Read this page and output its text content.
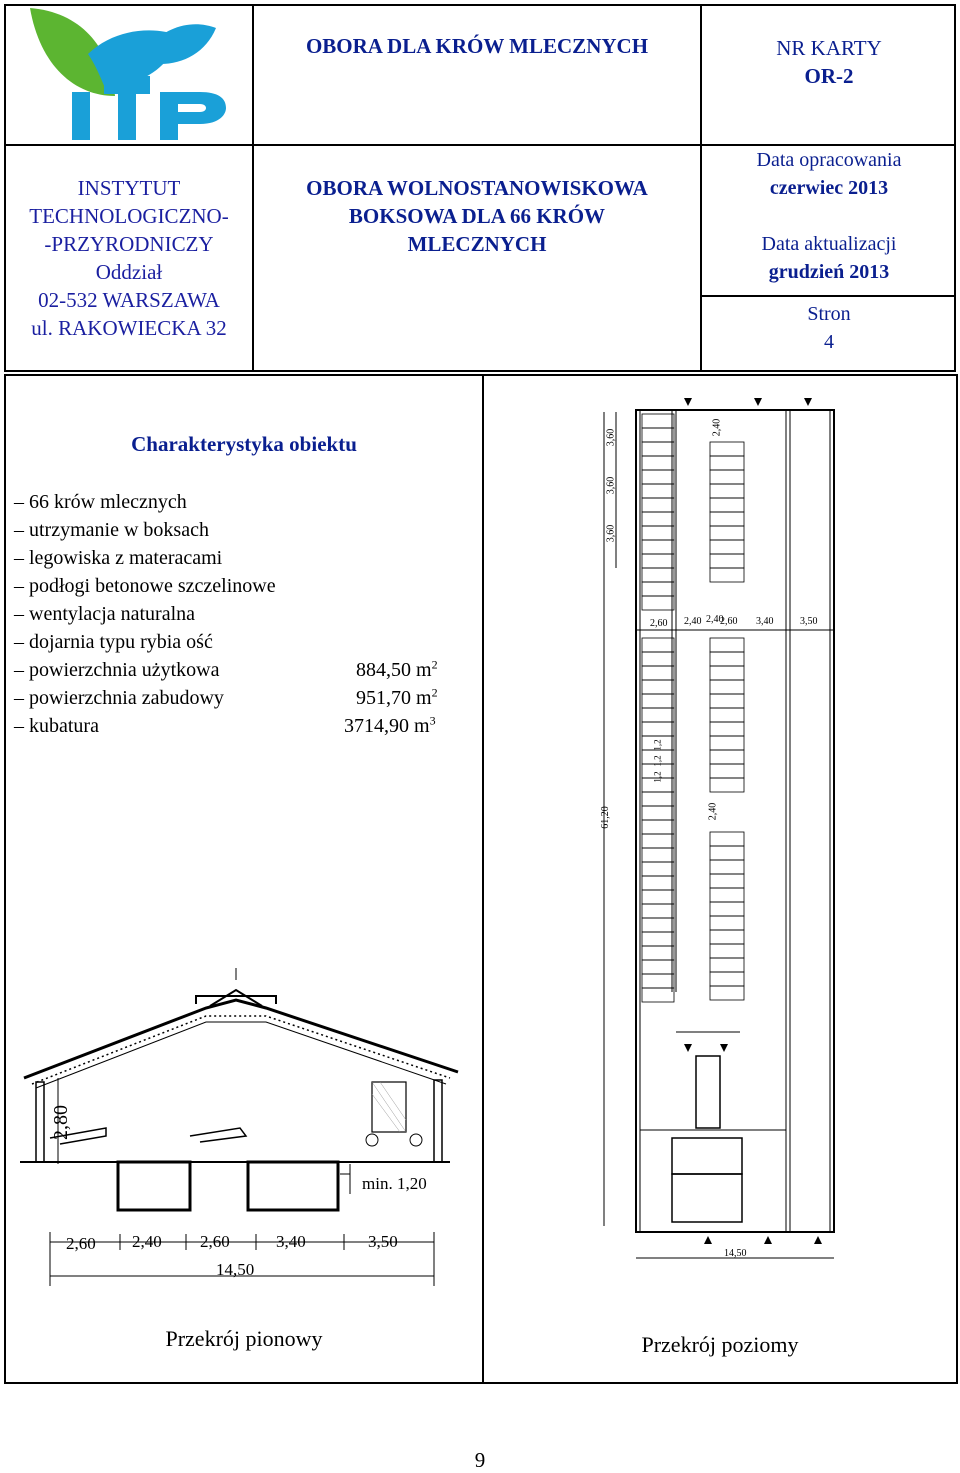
OBORA DLA KRÓW MLECZNYCH	NR KARTY
OR-2
INSTYTUT
TECHNOLOGICZNO-
-PRZYRODNICZY
Oddział
02-532 WARSZAWA
ul. RAKOWIECKA 32
OBORA WOLNOSTANOWISKOWA
BOKSOWA DLA 66 KRÓW
MLECZNYCH
Data opracowania
czerwiec 2013
Data aktualizacji
grudzień 2013
Stron
4
Charakterystyka obiektu
– 66 krów mlecznych
– utrzymanie w boksach
– legowiska z materacami
– podłogi betonowe szczelinowe
– wentylacja naturalna
– dojarnia typu rybia ość
– powierzchnia użytkowa	884,50 $m^2$
– powierzchnia zabudowy	951,70 $m^2$
– kubatura	3714,90 $m^3$
2,80
min. 1,20
2,60 2,40 2,60	3,40	3,50
14,50
Przekrój pionowy
61,20
3,60
3,60
3,60
2,40
2,60 2,40 2,40
2,60 3,40	3,50
1,2
1,2
1,2
2,40
14,50
Przekrój poziomy
9
